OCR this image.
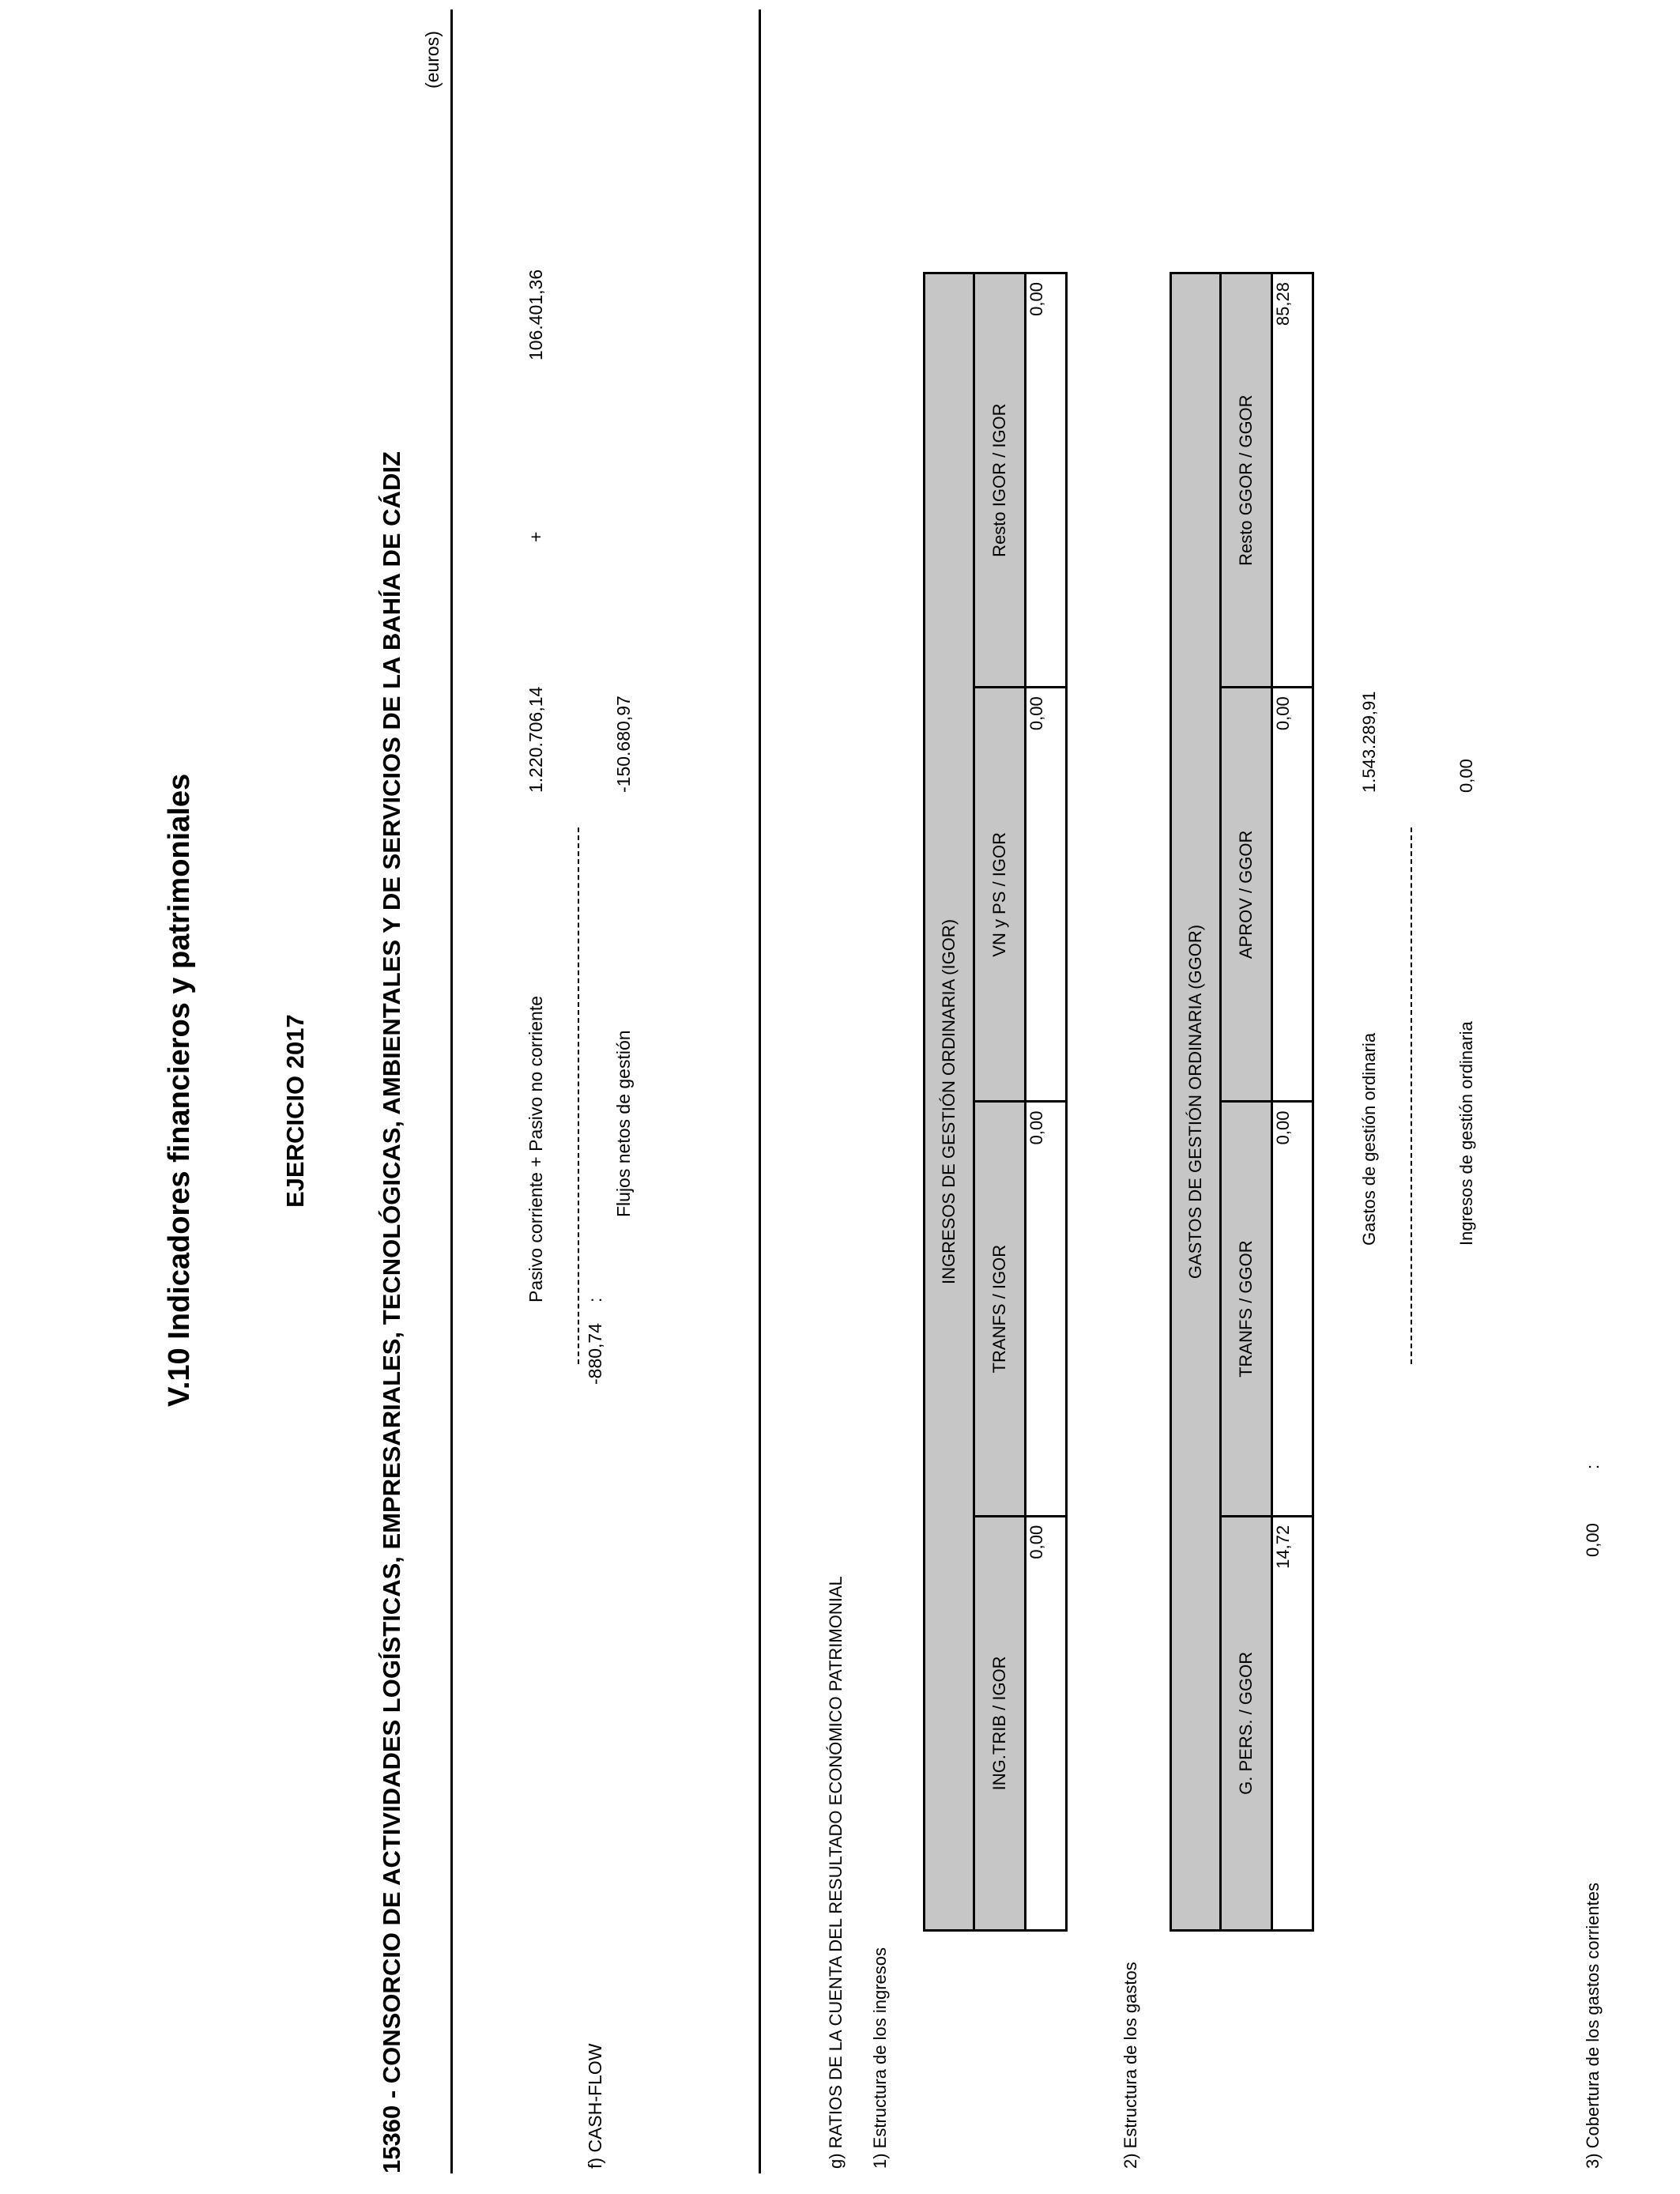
V.10 Indicadores financieros y patrimoniales	EJERCICIO 2017
(euros)
15360 - CONSORCIO DE ACTIVIDADES LOGÍSTICAS, EMPRESARIALES, TECNOLÓGICAS, AMBIENTALES Y DE SERVICIOS DE LA BAHÍA DE CÁDIZ	f) CASH-FLOW
-880,74
:
Pasivo corriente + Pasivo no corriente
1.220.706,14
+
106.401,36
Flujos netos de gestión
-150.680,97
g) RATIOS DE LA CUENTA DEL RESULTADO ECONÓMICO PATRIMONIAL 1) Estructura de los ingresos
INGRESOS DE GESTIÓN ORDINARIA (IGOR)			
ING.TRIB / IGOR	TRANFS / IGOR	VN y PS / IGOR	Resto IGOR / IGOR
0,00	0,00	0,00	0,00
2) Estructura de los gastos
GASTOS DE GESTIÓN ORDINARIA (GGOR)			
G. PERS. / GGOR	TRANFS / GGOR	APROV / GGOR	Resto GGOR / GGOR
14,72	0,00	0,00	85,28
3) Cobertura de los gastos corrientes
0,00
:
Gastos de gestión ordinaria
1.543.289,91
Ingresos de gestión ordinaria
0,00
